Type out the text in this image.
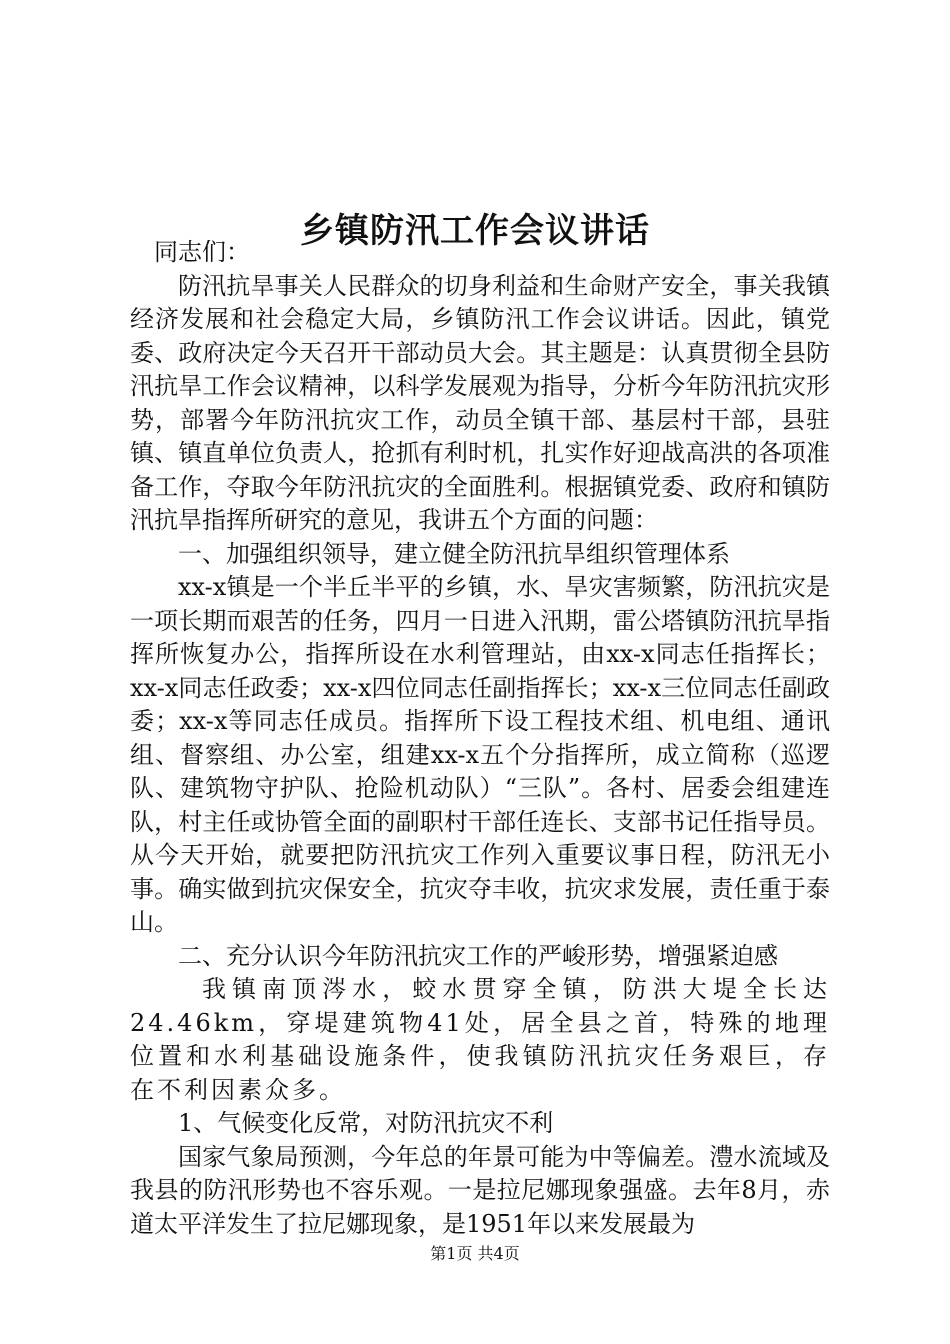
乡镇防汛工作会议讲话

同志们：

防汛抗旱事关人民群众的切身利益和生命财产安全，事关我镇经济发展和社会稳定大局，乡镇防汛工作会议讲话。因此，镇党委、政府决定今天召开干部动员大会。其主题是：认真贯彻全县防汛抗旱工作会议精神，以科学发展观为指导，分析今年防汛抗灾形势，部署今年防汛抗灾工作，动员全镇干部、基层村干部，县驻镇、镇直单位负责人，抢抓有利时机，扎实作好迎战高洪的各项准备工作，夺取今年防汛抗灾的全面胜利。根据镇党委、政府和镇防汛抗旱指挥所研究的意见，我讲五个方面的问题：

一、加强组织领导，建立健全防汛抗旱组织管理体系

xx-x镇是一个半丘半平的乡镇，水、旱灾害频繁，防汛抗灾是一项长期而艰苦的任务，四月一日进入汛期，雷公塔镇防汛抗旱指挥所恢复办公，指挥所设在水利管理站，由xx-x同志任指挥长；xx-x同志任政委；xx-x四位同志任副指挥长；xx-x三位同志任副政委；xx-x等同志任成员。指挥所下设工程技术组、机电组、通讯组、督察组、办公室，组建xx-x五个分指挥所，成立简称（巡逻队、建筑物守护队、抢险机动队）“三队”。各村、居委会组建连队，村主任或协管全面的副职村干部任连长、支部书记任指导员。从今天开始，就要把防汛抗灾工作列入重要议事日程，防汛无小事。确实做到抗灾保安全，抗灾夺丰收，抗灾求发展，责任重于泰山。

二、充分认识今年防汛抗灾工作的严峻形势，增强紧迫感

我镇南顶涔水，蛟水贯穿全镇，防洪大堤全长达24.46km，穿堤建筑物41处，居全县之首，特殊的地理位置和水利基础设施条件，使我镇防汛抗灾任务艰巨，存在不利因素众多。

1、气候变化反常，对防汛抗灾不利

国家气象局预测，今年总的年景可能为中等偏差。澧水流域及我县的防汛形势也不容乐观。一是拉尼娜现象强盛。去年8月，赤道太平洋发生了拉尼娜现象，是1951年以来发展最为

第1页 共4页
